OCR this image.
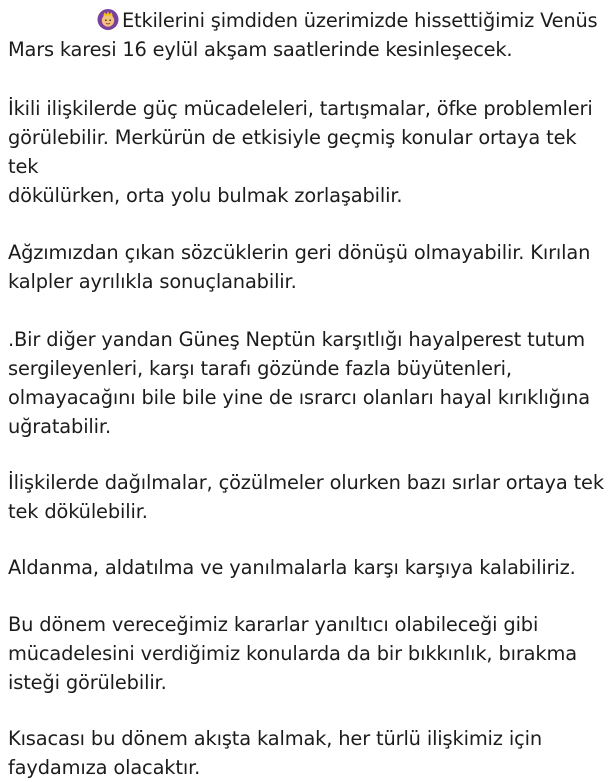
Etkilerini şimdiden üzerimizde hissettiğimiz Venüs
Mars karesi 16 eylül akşam saatlerinde kesinleşecek.

İkili ilişkilerde güç mücadeleleri, tartışmalar, öfke problemleri
görülebilir. Merkürün de etkisiyle geçmiş konular ortaya tek tek
dökülürken, orta yolu bulmak zorlaşabilir.

Ağzımızdan çıkan sözcüklerin geri dönüşü olmayabilir. Kırılan
kalpler ayrılıkla sonuçlanabilir.

.Bir diğer yandan Güneş Neptün karşıtlığı hayalperest tutum
sergileyenleri, karşı tarafı gözünde fazla büyütenleri,
olmayacağını bile bile yine de ısrarcı olanları hayal kırıklığına
uğratabilir.

İlişkilerde dağılmalar, çözülmeler olurken bazı sırlar ortaya tek
tek dökülebilir.

Aldanma, aldatılma ve yanılmalarla karşı karşıya kalabiliriz.

Bu dönem vereceğimiz kararlar yanıltıcı olabileceği gibi
mücadelesini verdiğimiz konularda da bir bıkkınlık, bırakma
isteği görülebilir.

Kısacası bu dönem akışta kalmak, her türlü ilişkimiz için
faydamıza olacaktır.
